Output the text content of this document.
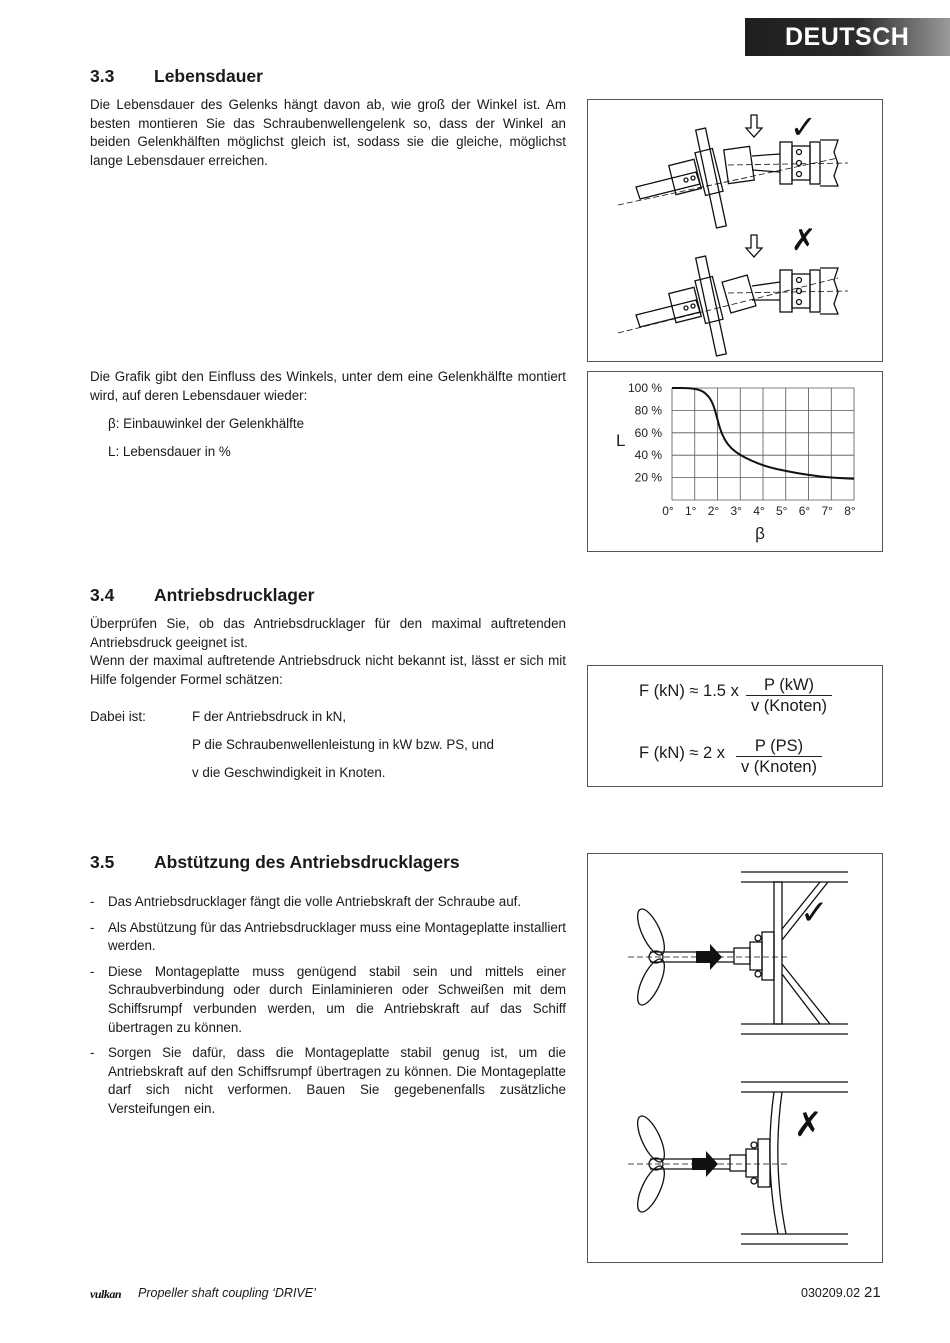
DEUTSCH
3.3 Lebensdauer

Die Lebensdauer des Gelenks hängt davon ab, wie groß der Winkel ist. Am besten montieren Sie das Schraubenwellengelenk so, dass der Winkel an beiden Gelenkhälften möglichst gleich ist, sodass sie die gleiche, möglichst lange Lebensdauer erreichen.

✓
✗

Die Grafik gibt den Einfluss des Winkels, unter dem eine Gelenkhälfte montiert wird, auf deren Lebensdauer wieder:

β: Einbauwinkel der Gelenkhälfte

L: Lebensdauer in %

100 %
80 %
60 %
40 %
20 %
0° 1° 2° 3° 4° 5° 6° 7° 8°
L
β
3.4 Antriebsdrucklager

Überprüfen Sie, ob das Antriebsdrucklager für den maximal auftretenden Antriebsdruck geeignet ist.

Wenn der maximal auftretende Antriebsdruck nicht bekannt ist, lässt er sich mit Hilfe folgender Formel schätzen:

Dabei ist:	F der Antriebsdruck in kN,

P die Schraubenwellenleistung in kW bzw. PS, und

v die Geschwindigkeit in Knoten.

F (kN) ≈ 1.5 x	P (kW)
v (Knoten)
F (kN) ≈ 2 x	P (PS)
v (Knoten)
3.5 Abstützung des Antriebsdrucklagers
- Das Antriebsdrucklager fängt die volle Antriebskraft der Schraube auf.
- Als Abstützung für das Antriebsdrucklager muss eine Montageplatte installiert werden.
- Diese Montageplatte muss genügend stabil sein und mittels einer Schraubverbindung oder durch Einlaminieren oder Schweißen mit dem Schiffsrumpf verbunden werden, um die Antriebskraft auf das Schiff übertragen zu können.
- Sorgen Sie dafür, dass die Montageplatte stabil genug ist, um die Antriebskraft auf den Schiffsrumpf übertragen zu können. Die Montageplatte darf sich nicht verformen. Bauen Sie gegebenenfalls zusätzliche Versteifungen ein.
✓
✗
vulkan	Propeller shaft coupling ‘DRIVE’	030209.02 21
